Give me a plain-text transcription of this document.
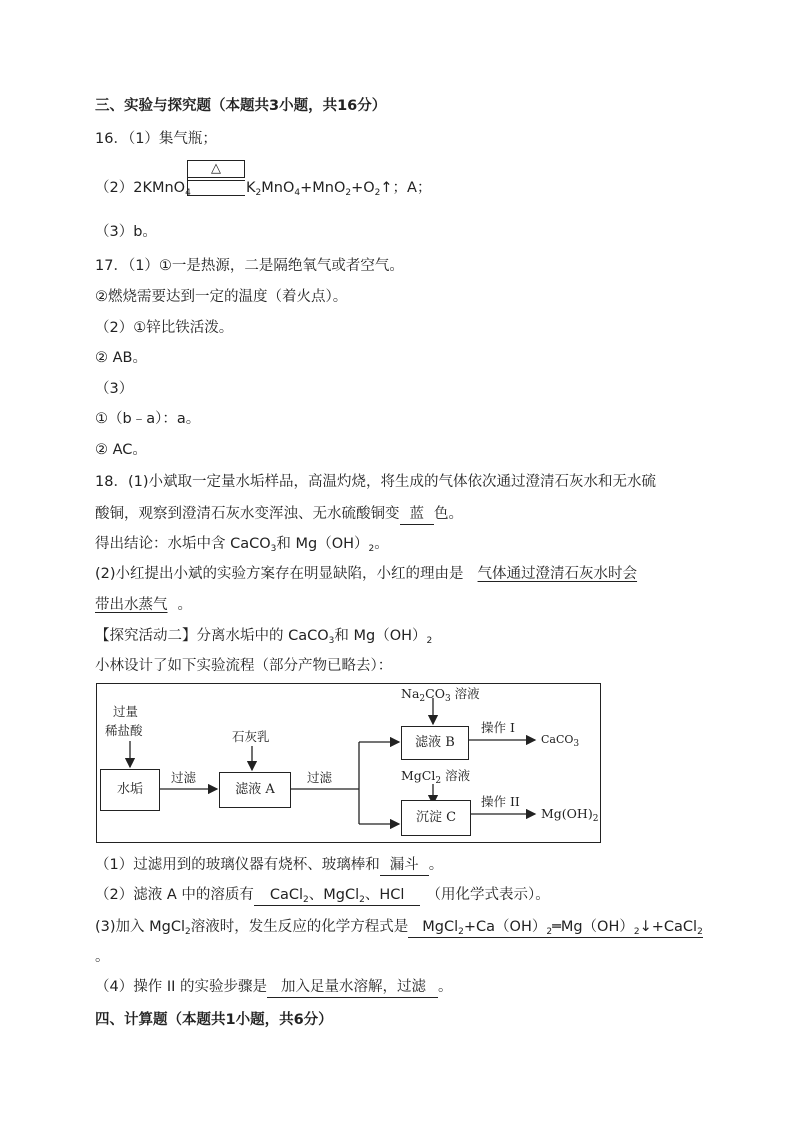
三、实验与探究题（本题共3小题，共16分）
16．（1）集气瓶；
（2）2KMnO$_4$
△
$K_2MnO_4+MnO_2+O_2↑$；A；
（3）b。
17．（1）①一是热源，二是隔绝氧气或者空气。
②燃烧需要达到一定的温度（着火点）。
（2）①锌比铁活泼。
② AB。
（3）
①（b﹣a）：a。
② AC。
18．(1)小斌取一定量水垢样品，高温灼烧，将生成的气体依次通过澄清石灰水和无水硫
酸铜，观察到澄清石灰水变浑浊、无水硫酸铜变 蓝 色。
得出结论：水垢中含 CaCO$_3$和 $Mg(OH)_2$。
(2)小红提出小斌的实验方案存在明显缺陷，小红的理由是 气体通过澄清石灰水时会
带出水蒸气 。
【探究活动二】分离水垢中的 CaCO$_3$和 $Mg(OH)_2$
小林设计了如下实验流程（部分产物已略去）：
过量
稀盐酸
水垢
过滤
石灰乳
滤液 A
过滤
$Na_2CO_3$ 溶液
滤液 B
操作 I
CaCO$_3$
MgCl$_2$ 溶液
沉淀 C
操作 II
$Mg(OH)_2$
（1）过滤用到的玻璃仪器有烧杯、玻璃棒和 漏斗 。
（2）滤液 A 中的溶质有 CaCl$_2$、MgCl$_2$、HCl （用化学式表示）。
(3)加入 MgCl$_2$溶液时，发生反应的化学方程式是 $MgCl_2+Ca(OH)_2═Mg(OH)_2↓+CaCl_2$
。
（4）操作 II 的实验步骤是 加入足量水溶解，过滤 。
四、计算题（本题共1小题，共6分）
